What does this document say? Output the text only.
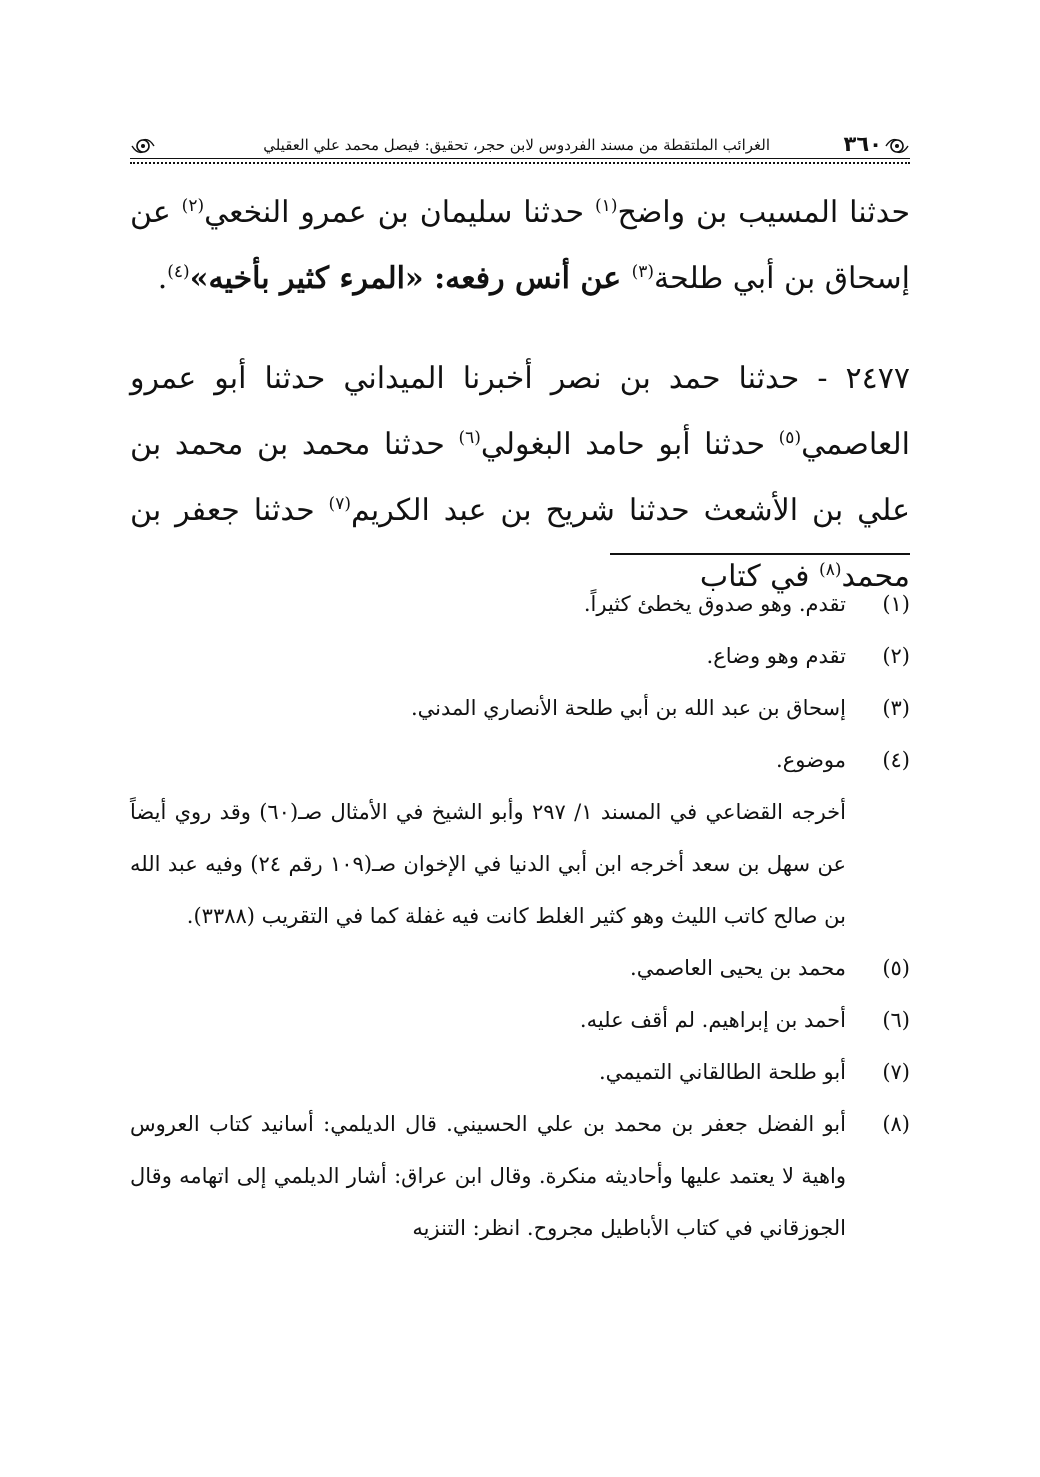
٣٦٠
الغرائب الملتقطة من مسند الفردوس لابن حجر، تحقيق: فيصل محمد علي العقيلي

حدثنا المسيب بن واضح$^{(١)}$ حدثنا سليمان بن عمرو النخعي$^{(٢)}$ عن إسحاق بن أبي طلحة$^{(٣)}$ عن أنس رفعه: «المرء كثير بأخيه»$^{(٤)}$.

٢٤٧٧ - حدثنا حمد بن نصر أخبرنا الميداني حدثنا أبو عمرو العاصمي$^{(٥)}$ حدثنا أبو حامد البغولي$^{(٦)}$ حدثنا محمد بن محمد بن علي بن الأشعث حدثنا شريح بن عبد الكريم$^{(٧)}$ حدثنا جعفر بن محمد$^{(٨)}$ في كتاب

(١)
تقدم. وهو صدوق يخطئ كثيراً.
(٢)
تقدم وهو وضاع.
(٣)
إسحاق بن عبد الله بن أبي طلحة الأنصاري المدني.
(٤)
موضوع.
أخرجه القضاعي في المسند ١/ ٢٩٧ وأبو الشيخ في الأمثال صـ(٦٠) وقد روي أيضاً عن سهل بن سعد أخرجه ابن أبي الدنيا في الإخوان صـ(١٠٩ رقم ٢٤) وفيه عبد الله بن صالح كاتب الليث وهو كثير الغلط كانت فيه غفلة كما في التقريب (٣٣٨٨).
(٥)
محمد بن يحيى العاصمي.
(٦)
أحمد بن إبراهيم. لم أقف عليه.
(٧)
أبو طلحة الطالقاني التميمي.
(٨)
أبو الفضل جعفر بن محمد بن علي الحسيني. قال الديلمي: أسانيد كتاب العروس واهية لا يعتمد عليها وأحاديثه منكرة. وقال ابن عراق: أشار الديلمي إلى اتهامه وقال الجوزقاني في كتاب الأباطيل مجروح. انظر: التنزيه
